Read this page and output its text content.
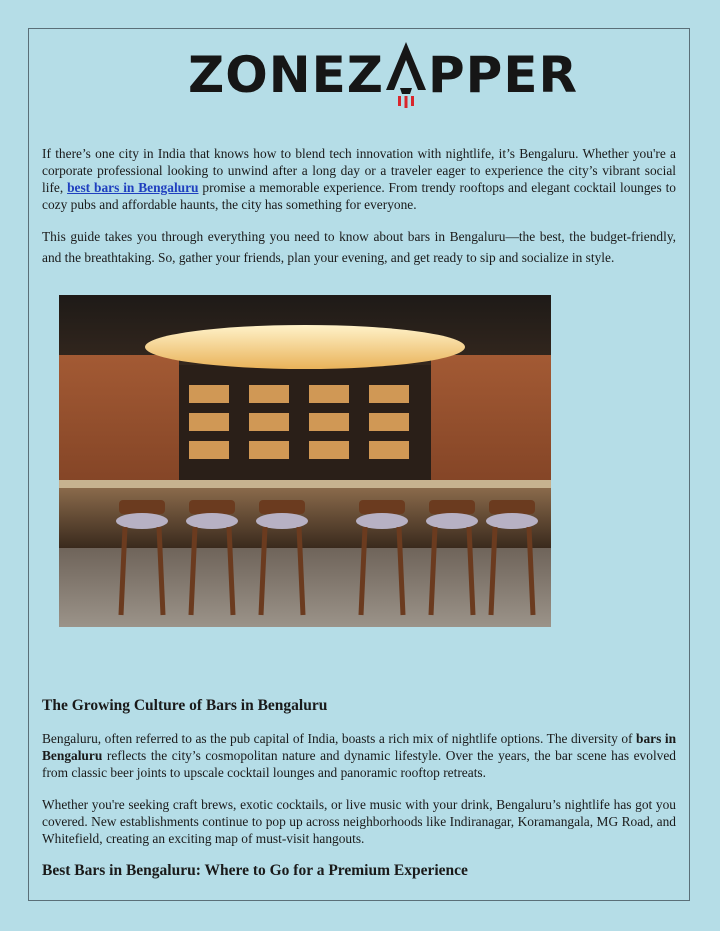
ZONEZ PPER
If there’s one city in India that knows how to blend tech innovation with nightlife, it’s Bengaluru. Whether you're a corporate professional looking to unwind after a long day or a traveler eager to experience the city’s vibrant social life, best bars in Bengaluru promise a memorable experience. From trendy rooftops and elegant cocktail lounges to cozy pubs and affordable haunts, the city has something for everyone.
This guide takes you through everything you need to know about bars in Bengaluru—the best, the budget-friendly, and the breathtaking. So, gather your friends, plan your evening, and get ready to sip and socialize in style.
The Growing Culture of Bars in Bengaluru
Bengaluru, often referred to as the pub capital of India, boasts a rich mix of nightlife options. The diversity of bars in Bengaluru reflects the city’s cosmopolitan nature and dynamic lifestyle. Over the years, the bar scene has evolved from classic beer joints to upscale cocktail lounges and panoramic rooftop retreats.
Whether you're seeking craft brews, exotic cocktails, or live music with your drink, Bengaluru’s nightlife has got you covered. New establishments continue to pop up across neighborhoods like Indiranagar, Koramangala, MG Road, and Whitefield, creating an exciting map of must-visit hangouts.
Best Bars in Bengaluru: Where to Go for a Premium Experience
